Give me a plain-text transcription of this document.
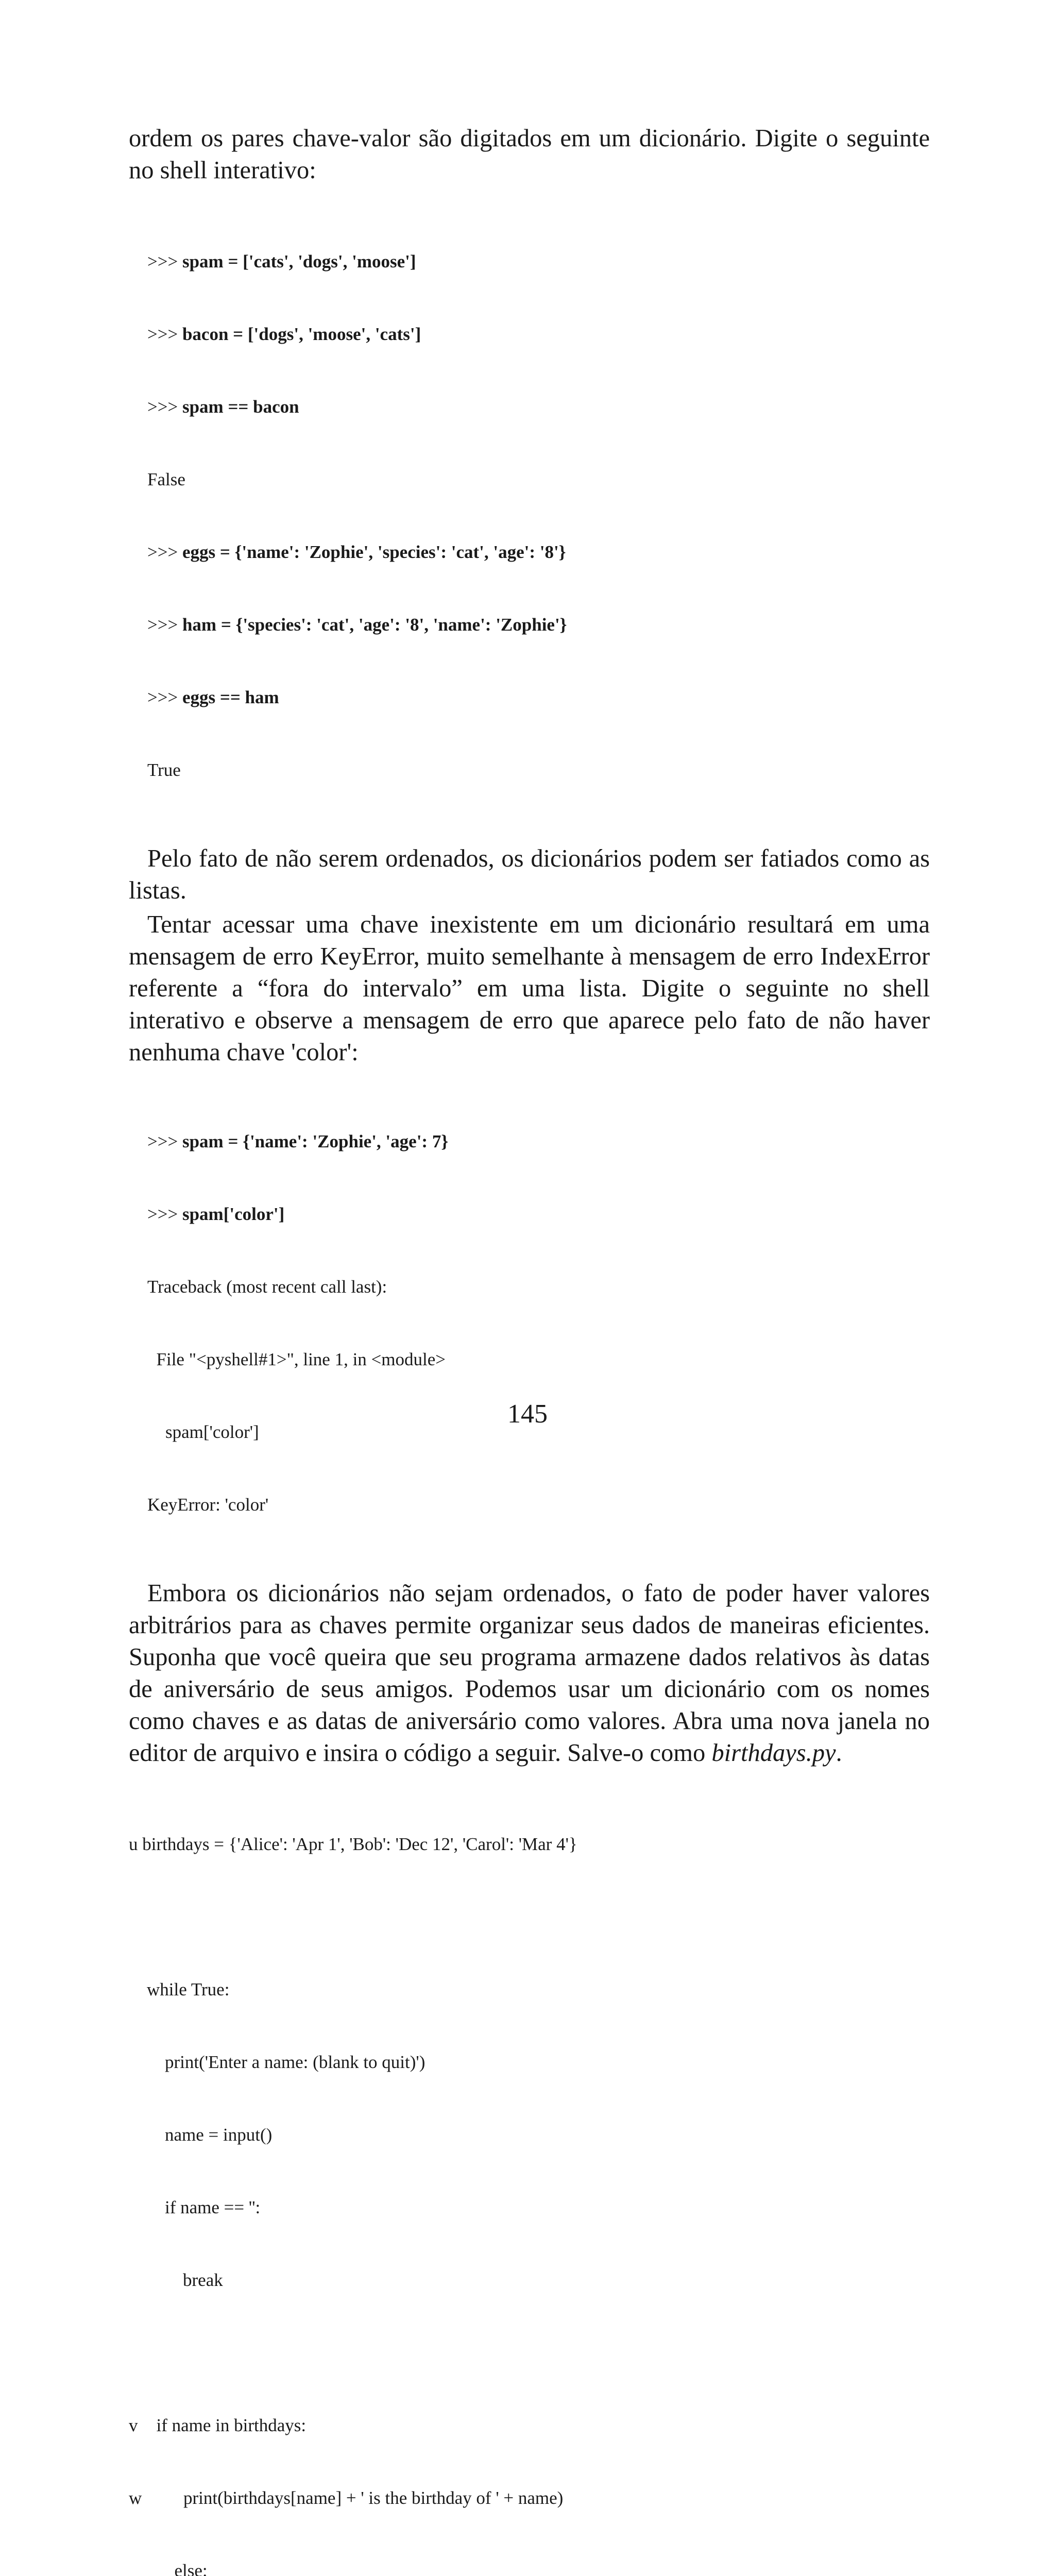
ordem os pares chave-valor são digitados em um dicionário. Digite o seguinte no shell interativo:

>>> spam = ['cats', 'dogs', 'moose']

>>> bacon = ['dogs', 'moose', 'cats']

>>> spam == bacon

False

>>> eggs = {'name': 'Zophie', 'species': 'cat', 'age': '8'}

>>> ham = {'species': 'cat', 'age': '8', 'name': 'Zophie'}

>>> eggs == ham

True

Pelo fato de não serem ordenados, os dicionários podem ser fatiados como as listas.

Tentar acessar uma chave inexistente em um dicionário resultará em uma mensagem de erro KeyError, muito semelhante à mensagem de erro IndexError referente a “fora do intervalo” em uma lista. Digite o seguinte no shell interativo e observe a mensagem de erro que aparece pelo fato de não haver nenhuma chave 'color':

>>> spam = {'name': 'Zophie', 'age': 7}

>>> spam['color']

Traceback (most recent call last):

File "<pyshell#1>", line 1, in <module>

spam['color']

KeyError: 'color'

Embora os dicionários não sejam ordenados, o fato de poder haver valores arbitrários para as chaves permite organizar seus dados de maneiras eficientes. Suponha que você queira que seu programa armazene dados relativos às datas de aniversário de seus amigos. Podemos usar um dicionário com os nomes como chaves e as datas de aniversário como valores. Abra uma nova janela no editor de arquivo e insira o código a seguir. Salve-o como birthdays.py.

u birthdays = {'Alice': 'Apr 1', 'Bob': 'Dec 12', 'Carol': 'Mar 4'}

while True:

print('Enter a name: (blank to quit)')

name = input()

if name == '':

break

v  if name in birthdays:

w        print(birthdays[name] + ' is the birthday of ' + name)

else:

145
